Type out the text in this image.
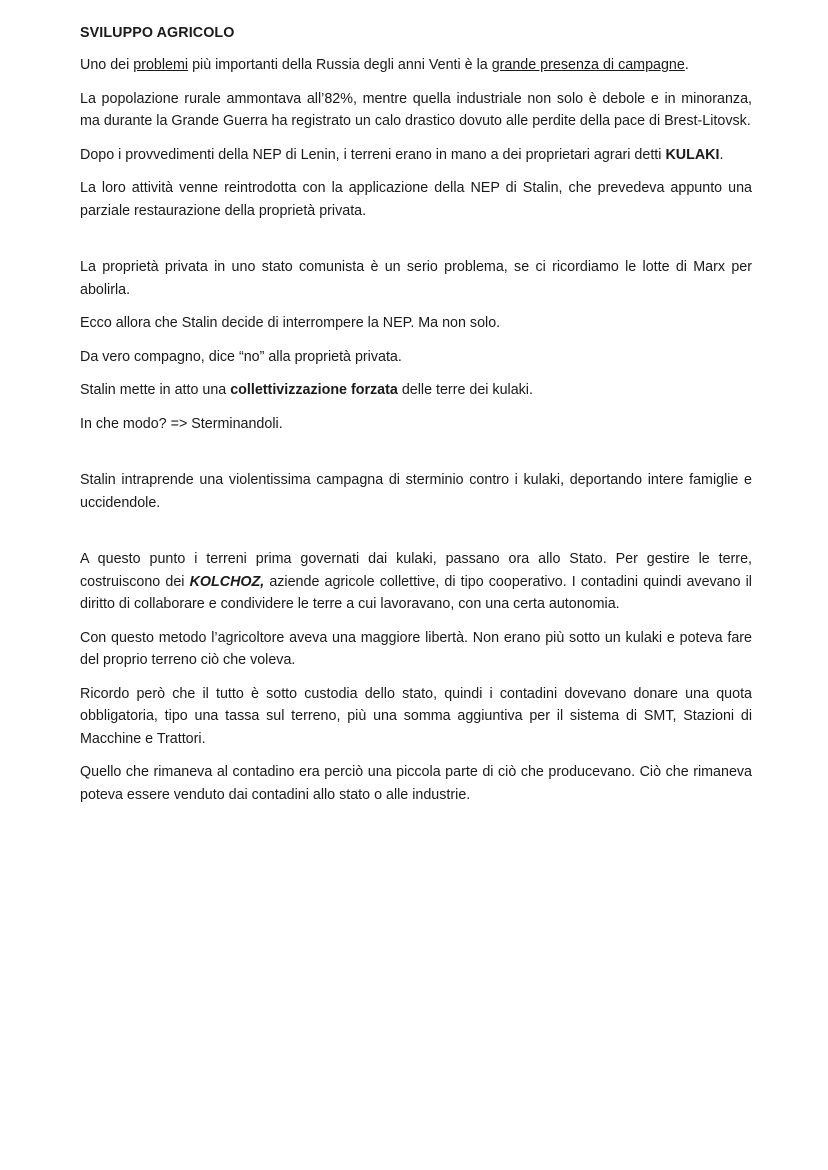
SVILUPPO AGRICOLO

Uno dei problemi più importanti della Russia degli anni Venti è la grande presenza di campagne.

La popolazione rurale ammontava all’82%, mentre quella industriale non solo è debole e in minoranza, ma durante la Grande Guerra ha registrato un calo drastico dovuto alle perdite della pace di Brest-Litovsk.

Dopo i provvedimenti della NEP di Lenin, i terreni erano in mano a dei proprietari agrari detti KULAKI.

La loro attività venne reintrodotta con la applicazione della NEP di Stalin, che prevedeva appunto una parziale restaurazione della proprietà privata.

La proprietà privata in uno stato comunista è un serio problema, se ci ricordiamo le lotte di Marx per abolirla.

Ecco allora che Stalin decide di interrompere la NEP. Ma non solo.

Da vero compagno, dice “no” alla proprietà privata.

Stalin mette in atto una collettivizzazione forzata delle terre dei kulaki.

In che modo? => Sterminandoli.

Stalin intraprende una violentissima campagna di sterminio contro i kulaki, deportando intere famiglie e uccidendole.

A questo punto i terreni prima governati dai kulaki, passano ora allo Stato. Per gestire le terre, costruiscono dei KOLCHOZ, aziende agricole collettive, di tipo cooperativo. I contadini quindi avevano il diritto di collaborare e condividere le terre a cui lavoravano, con una certa autonomia.

Con questo metodo l’agricoltore aveva una maggiore libertà. Non erano più sotto un kulaki e poteva fare del proprio terreno ciò che voleva.

Ricordo però che il tutto è sotto custodia dello stato, quindi i contadini dovevano donare una quota obbligatoria, tipo una tassa sul terreno, più una somma aggiuntiva per il sistema di SMT, Stazioni di Macchine e Trattori.

Quello che rimaneva al contadino era perciò una piccola parte di ciò che producevano. Ciò che rimaneva poteva essere venduto dai contadini allo stato o alle industrie.
